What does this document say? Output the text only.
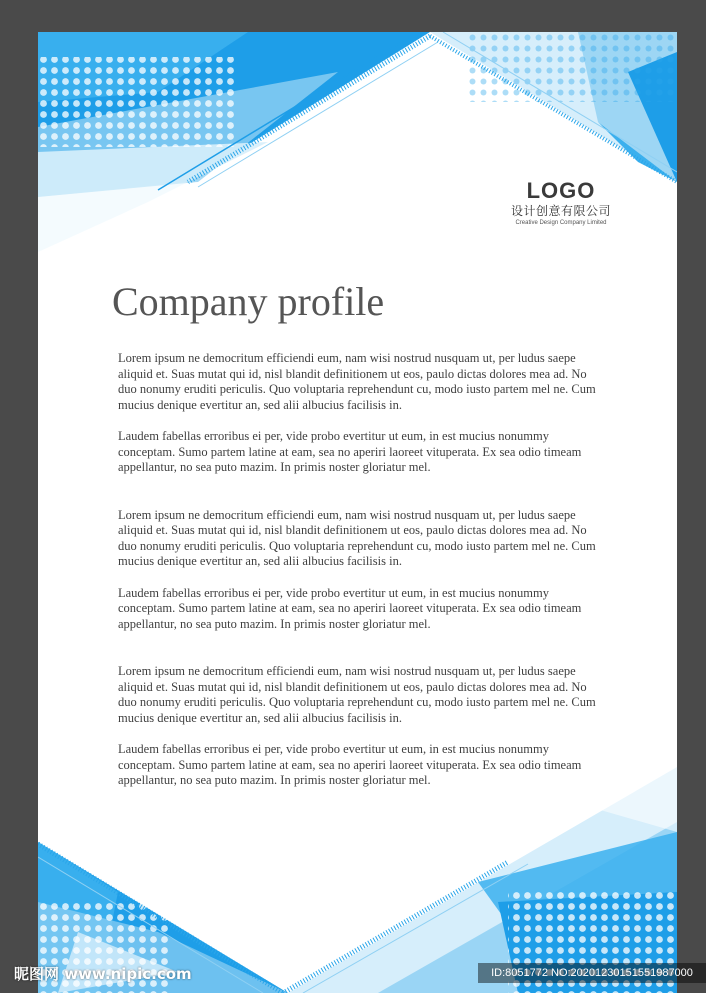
LOGO
设计创意有限公司
Creative Design Company Limited
Company profile

Lorem ipsum ne democritum efficiendi eum, nam wisi nostrud nusquam ut, per ludus saepe aliquid et. Suas mutat qui id, nisl blandit definitionem ut eos, paulo dictas dolores mea ad. No duo nonumy eruditi periculis. Quo voluptaria reprehendunt cu, modo iusto partem mel ne. Cum mucius denique evertitur an, sed alii albucius facilisis in.

Laudem fabellas erroribus ei per, vide probo evertitur ut eum, in est mucius nonummy conceptam. Sumo partem latine at eam, sea no aperiri laoreet vituperata. Ex sea odio timeam appellantur, no sea puto mazim. In primis noster gloriatur mel.

Lorem ipsum ne democritum efficiendi eum, nam wisi nostrud nusquam ut, per ludus saepe aliquid et. Suas mutat qui id, nisl blandit definitionem ut eos, paulo dictas dolores mea ad. No duo nonumy eruditi periculis. Quo voluptaria reprehendunt cu, modo iusto partem mel ne. Cum mucius denique evertitur an, sed alii albucius facilisis in.

Laudem fabellas erroribus ei per, vide probo evertitur ut eum, in est mucius nonummy conceptam. Sumo partem latine at eam, sea no aperiri laoreet vituperata. Ex sea odio timeam appellantur, no sea puto mazim. In primis noster gloriatur mel.

Lorem ipsum ne democritum efficiendi eum, nam wisi nostrud nusquam ut, per ludus saepe aliquid et. Suas mutat qui id, nisl blandit definitionem ut eos, paulo dictas dolores mea ad. No duo nonumy eruditi periculis. Quo voluptaria reprehendunt cu, modo iusto partem mel ne. Cum mucius denique evertitur an, sed alii albucius facilisis in.

Laudem fabellas erroribus ei per, vide probo evertitur ut eum, in est mucius nonummy conceptam. Sumo partem latine at eam, sea no aperiri laoreet vituperata. Ex sea odio timeam appellantur, no sea puto mazim. In primis noster gloriatur mel.

昵图网 www.nipic.com	ID:8051772 NO:20201230151551987000
